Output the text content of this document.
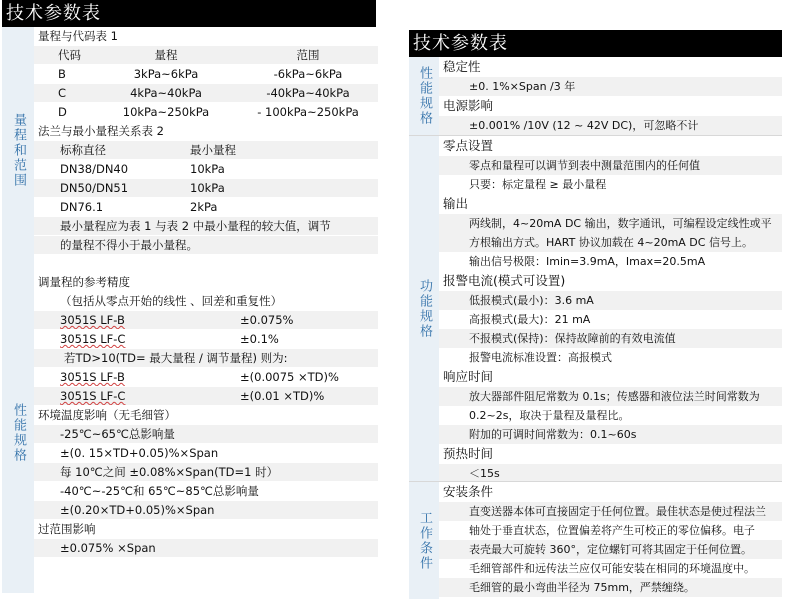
技术参数表
量程和范围
量程与代码表 1
代码	量程	范围
B	3kPa~6kPa	-6kPa~6kPa
C	4kPa~40kPa	-40kPa~40kPa
D	10kPa~250kPa	- 100kPa~250kPa
法兰与最小量程关系表 2
标称直径	最小量程
DN38/DN40	10kPa
DN50/DN51	10kPa
DN76.1	2kPa
最小量程应为表 1 与表 2 中最小量程的较大值，调节
的量程不得小于最小量程。
性能规格
调量程的参考精度
（包括从零点开始的线性 、回差和重复性）
3051S LF-B	±0.075%
3051S LF-C	±0.1%
若TD>10(TD= 最大量程 / 调节量程) 则为:
3051S LF-B	±(0.0075 ×TD)%
3051S LF-C	±(0.01 ×TD)%
环境温度影响（无毛细管）
-25℃~65℃总影响量
±(0. 15×TD+0.05)%×Span
每 10℃之间 ±0.08%×Span(TD=1 时）
-40℃~-25℃和 65℃~85℃总影响量
±(0.20×TD+0.05)%×Span
过范围影响
±0.075% ×Span
技术参数表
性能规格 稳定性
±0. 1%×Span /3 年
电源影响
±0.001% /10V (12 ~ 42V DC)，可忽略不计
功能规格
零点设置
零点和量程可以调节到表中测量范围内的任何值
只要：标定量程 ≥ 最小量程
输出
两线制，4~20mA DC 输出，数字通讯，可编程设定线性或平
方根输出方式。HART 协议加载在 4~20mA DC 信号上。
输出信号极限：Imin=3.9mA，Imax=20.5mA
报警电流(模式可设置)
低报模式(最小)：3.6 mA
高报模式(最大)：21 mA
不报模式(保持)：保持故障前的有效电流值
报警电流标准设置：高报模式
响应时间
放大器部件阻尼常数为 0.1s；传感器和液位法兰时间常数为
0.2~2s，取决于量程及量程比。
附加的可调时间常数为：0.1~60s
预热时间
＜15s
工作条件
安装条件
直变送器本体可直接固定于任何位置。最佳状态是使过程法兰
轴处于垂直状态，位置偏差将产生可校正的零位偏移。电子
表壳最大可旋转 360°，定位螺钉可将其固定于任何位置。
毛细管部件和远传法兰应仅可能安装在相同的环境温度中。
毛细管的最小弯曲半径为 75mm，严禁缠绕。
